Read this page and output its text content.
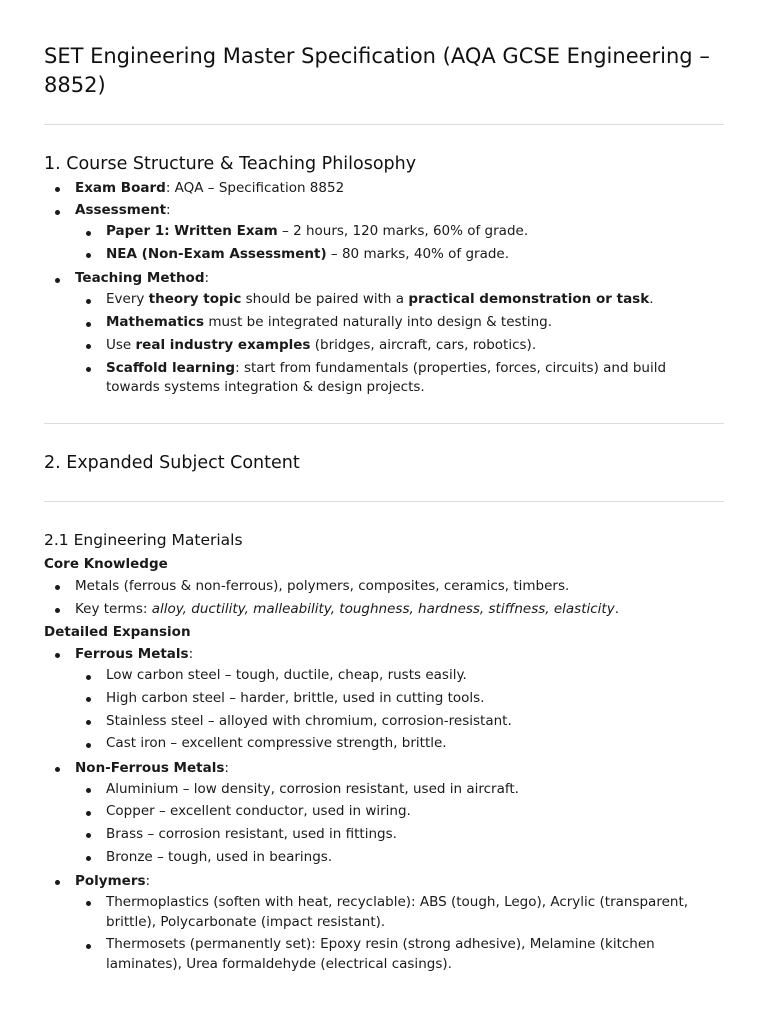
SET Engineering Master Specification (AQA GCSE Engineering – 8852)
1. Course Structure & Teaching Philosophy
Exam Board: AQA – Specification 8852
Assessment:
Paper 1: Written Exam – 2 hours, 120 marks, 60% of grade.
NEA (Non-Exam Assessment) – 80 marks, 40% of grade.
Teaching Method:
Every theory topic should be paired with a practical demonstration or task.
Mathematics must be integrated naturally into design & testing.
Use real industry examples (bridges, aircraft, cars, robotics).
Scaffold learning: start from fundamentals (properties, forces, circuits) and build towards systems integration & design projects.
2. Expanded Subject Content
2.1 Engineering Materials

Core Knowledge

Metals (ferrous & non-ferrous), polymers, composites, ceramics, timbers.
Key terms: alloy, ductility, malleability, toughness, hardness, stiffness, elasticity.

Detailed Expansion

Ferrous Metals:
Low carbon steel – tough, ductile, cheap, rusts easily.
High carbon steel – harder, brittle, used in cutting tools.
Stainless steel – alloyed with chromium, corrosion-resistant.
Cast iron – excellent compressive strength, brittle.
Non-Ferrous Metals:
Aluminium – low density, corrosion resistant, used in aircraft.
Copper – excellent conductor, used in wiring.
Brass – corrosion resistant, used in fittings.
Bronze – tough, used in bearings.
Polymers:
Thermoplastics (soften with heat, recyclable): ABS (tough, Lego), Acrylic (transparent, brittle), Polycarbonate (impact resistant).
Thermosets (permanently set): Epoxy resin (strong adhesive), Melamine (kitchen laminates), Urea formaldehyde (electrical casings).
